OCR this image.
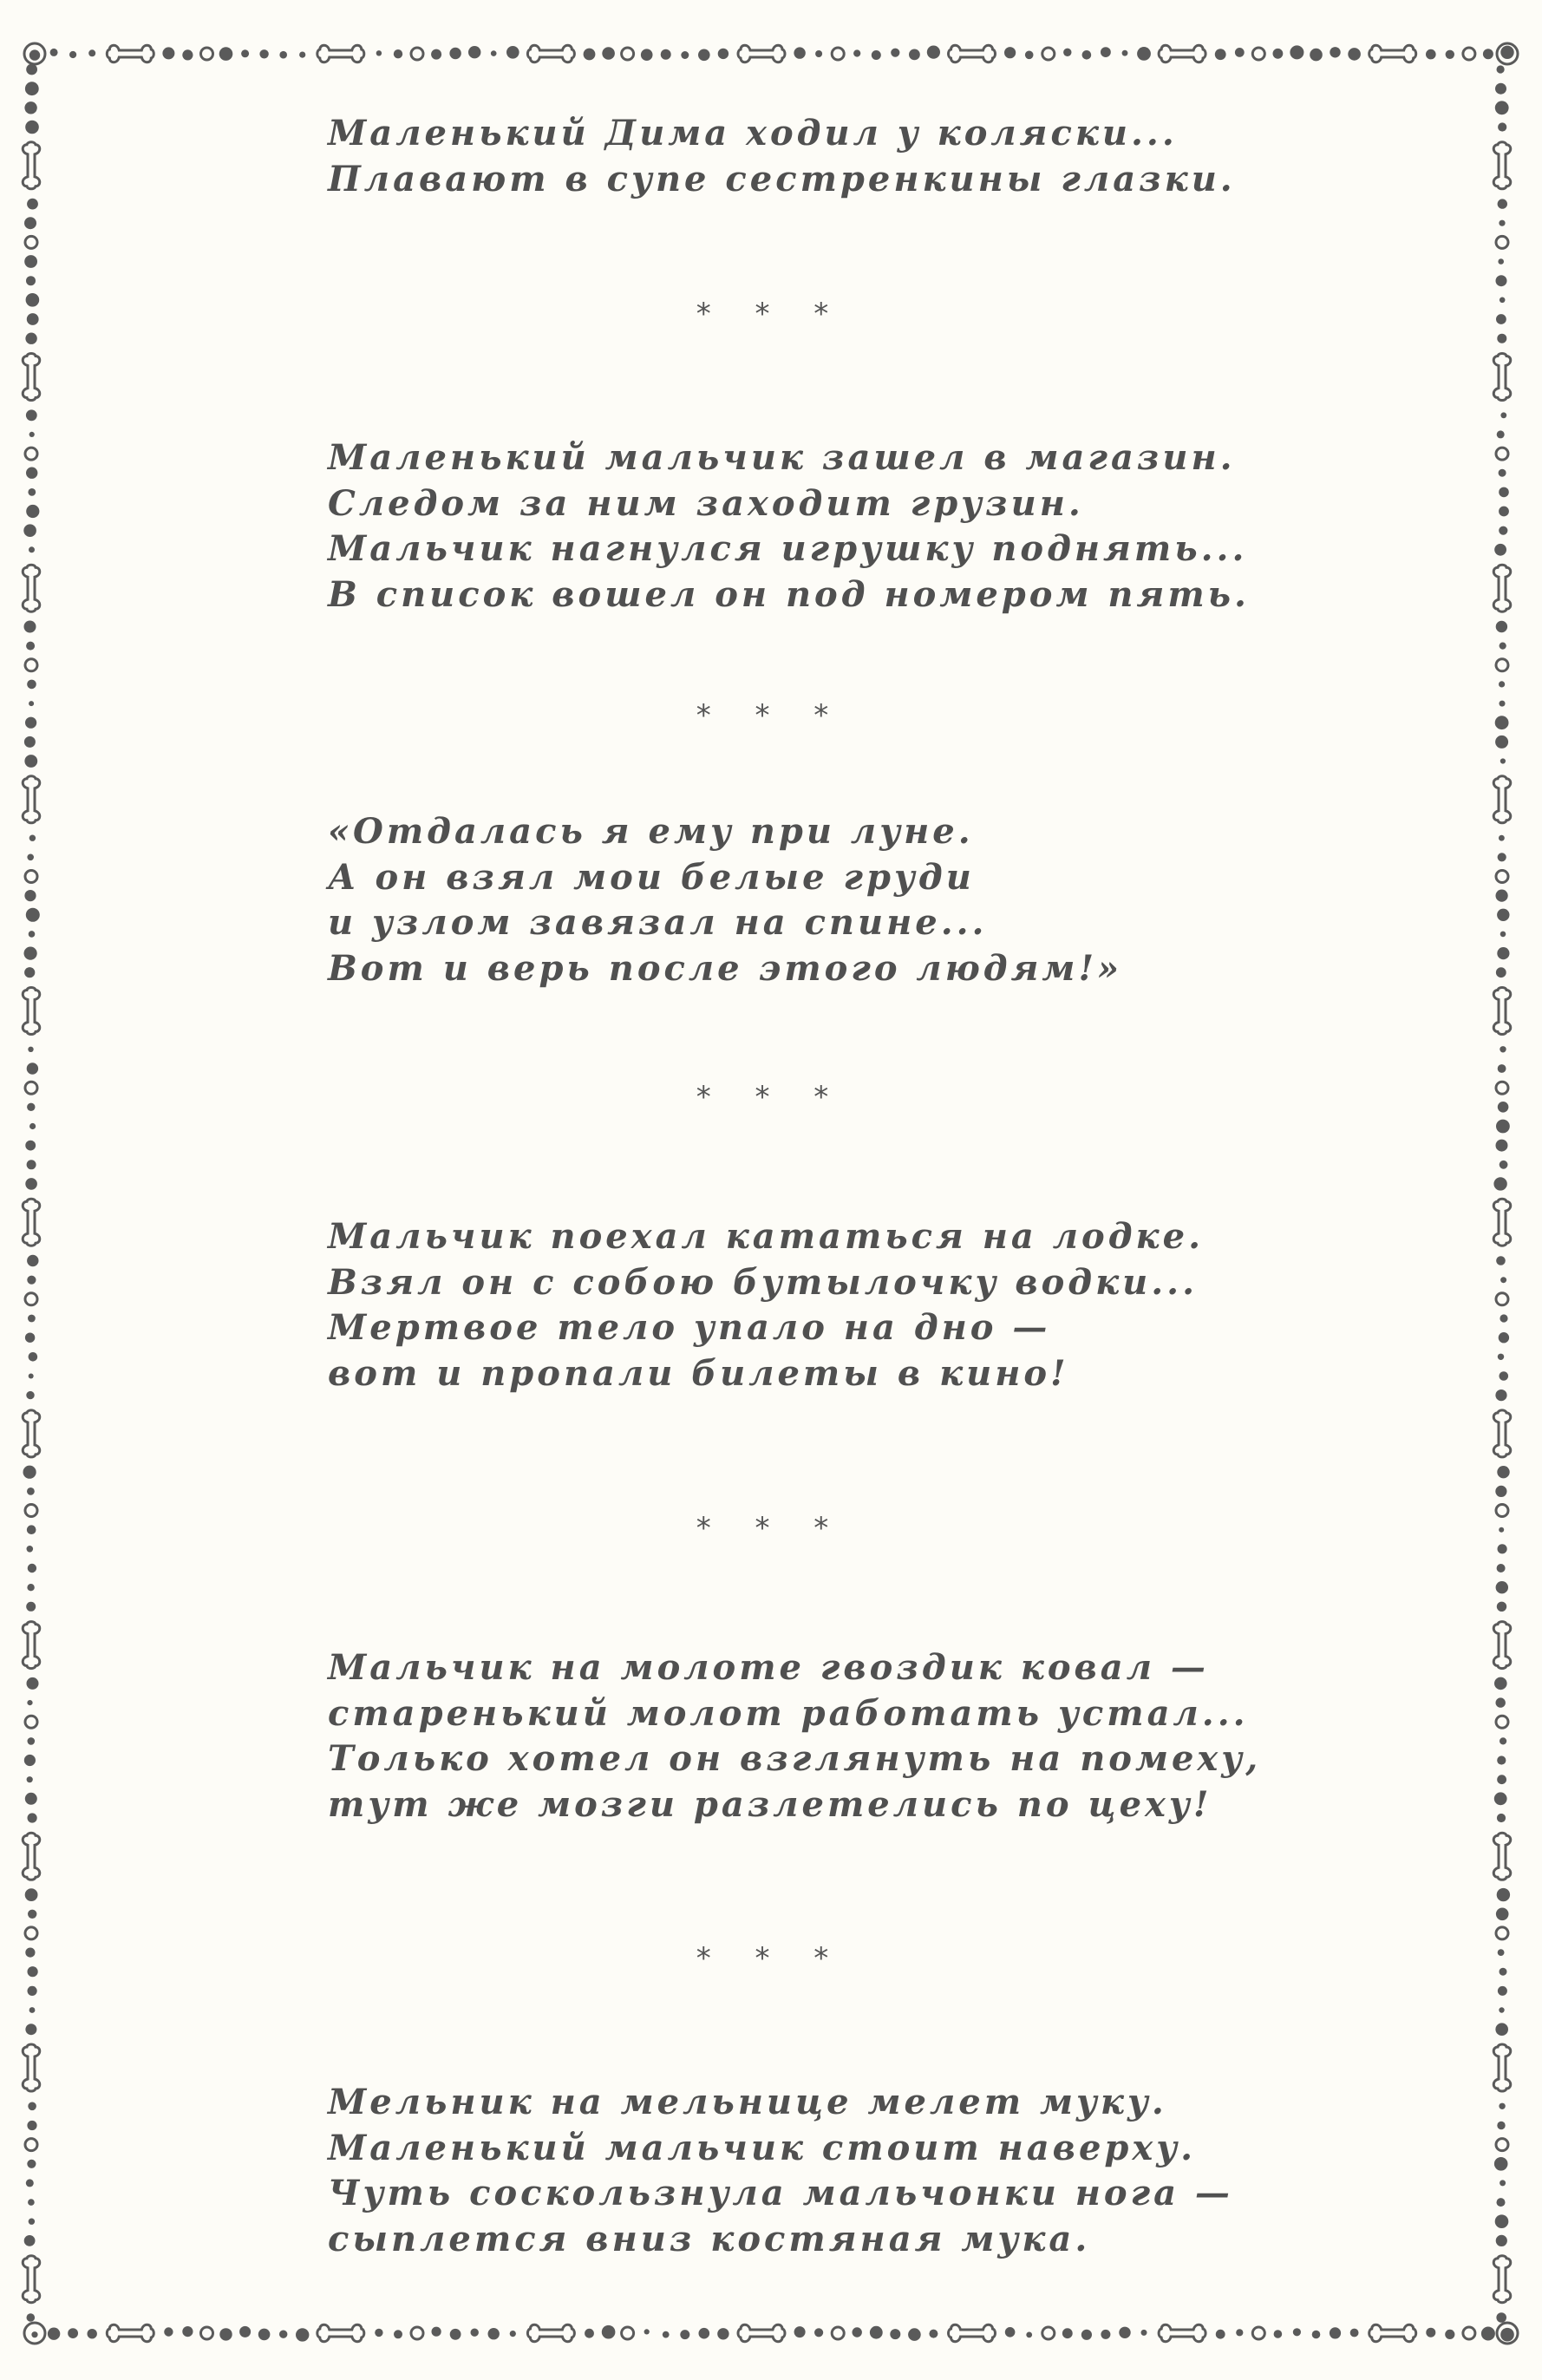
Маленький Дима ходил у коляски...
Плавают в супе сестренкины глазки.
* * *
Маленький мальчик зашел в магазин.
Следом за ним заходит грузин.
Мальчик нагнулся игрушку поднять...
В список вошел он под номером пять.
* * *
«Отдалась я ему при луне.
А он взял мои белые груди
и узлом завязал на спине...
Вот и верь после этого людям!»
* * *
Мальчик поехал кататься на лодке.
Взял он с собою бутылочку водки...
Мертвое тело упало на дно —
вот и пропали билеты в кино!
* * *
Мальчик на молоте гвоздик ковал —
старенький молот работать устал...
Только хотел он взглянуть на помеху,
тут же мозги разлетелись по цеху!
* * *
Мельник на мельнице мелет муку.
Маленький мальчик стоит наверху.
Чуть соскользнула мальчонки нога —
сыплется вниз костяная мука.
